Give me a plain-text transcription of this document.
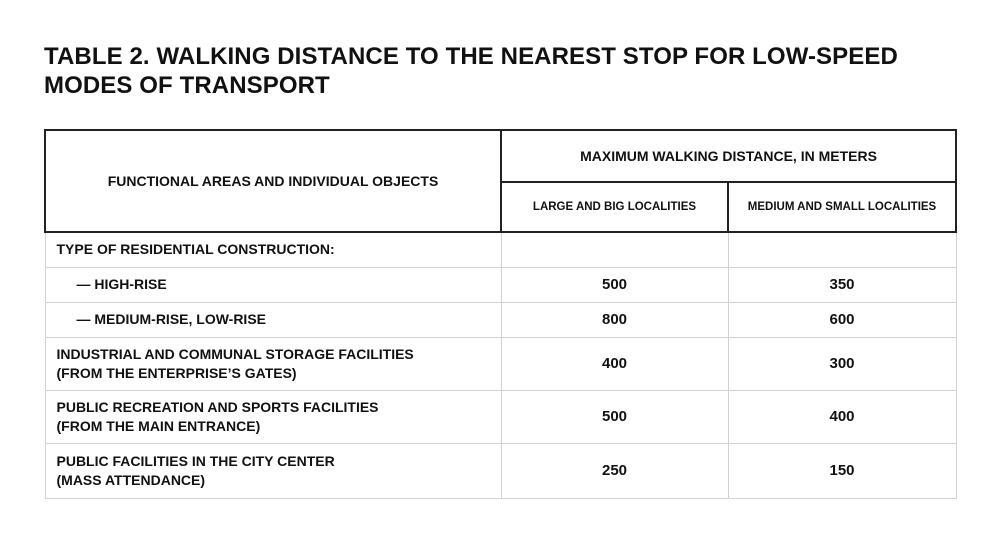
TABLE 2. WALKING DISTANCE TO THE NEAREST STOP FOR LOW-SPEED MODES OF TRANSPORT
FUNCTIONAL AREAS AND INDIVIDUAL OBJECTS	MAXIMUM WALKING DISTANCE, IN METERS	
	LARGE AND BIG LOCALITIES	MEDIUM AND SMALL LOCALITIES
TYPE OF RESIDENTIAL CONSTRUCTION:		
— HIGH-RISE	500	350
— MEDIUM-RISE, LOW-RISE	800	600

INDUSTRIAL AND COMMUNAL STORAGE FACILITIES
(FROM THE ENTERPRISE’S GATES)	400	300

PUBLIC RECREATION AND SPORTS FACILITIES
(FROM THE MAIN ENTRANCE)	500	400

PUBLIC FACILITIES IN THE CITY CENTER
(MASS ATTENDANCE)	250	150
